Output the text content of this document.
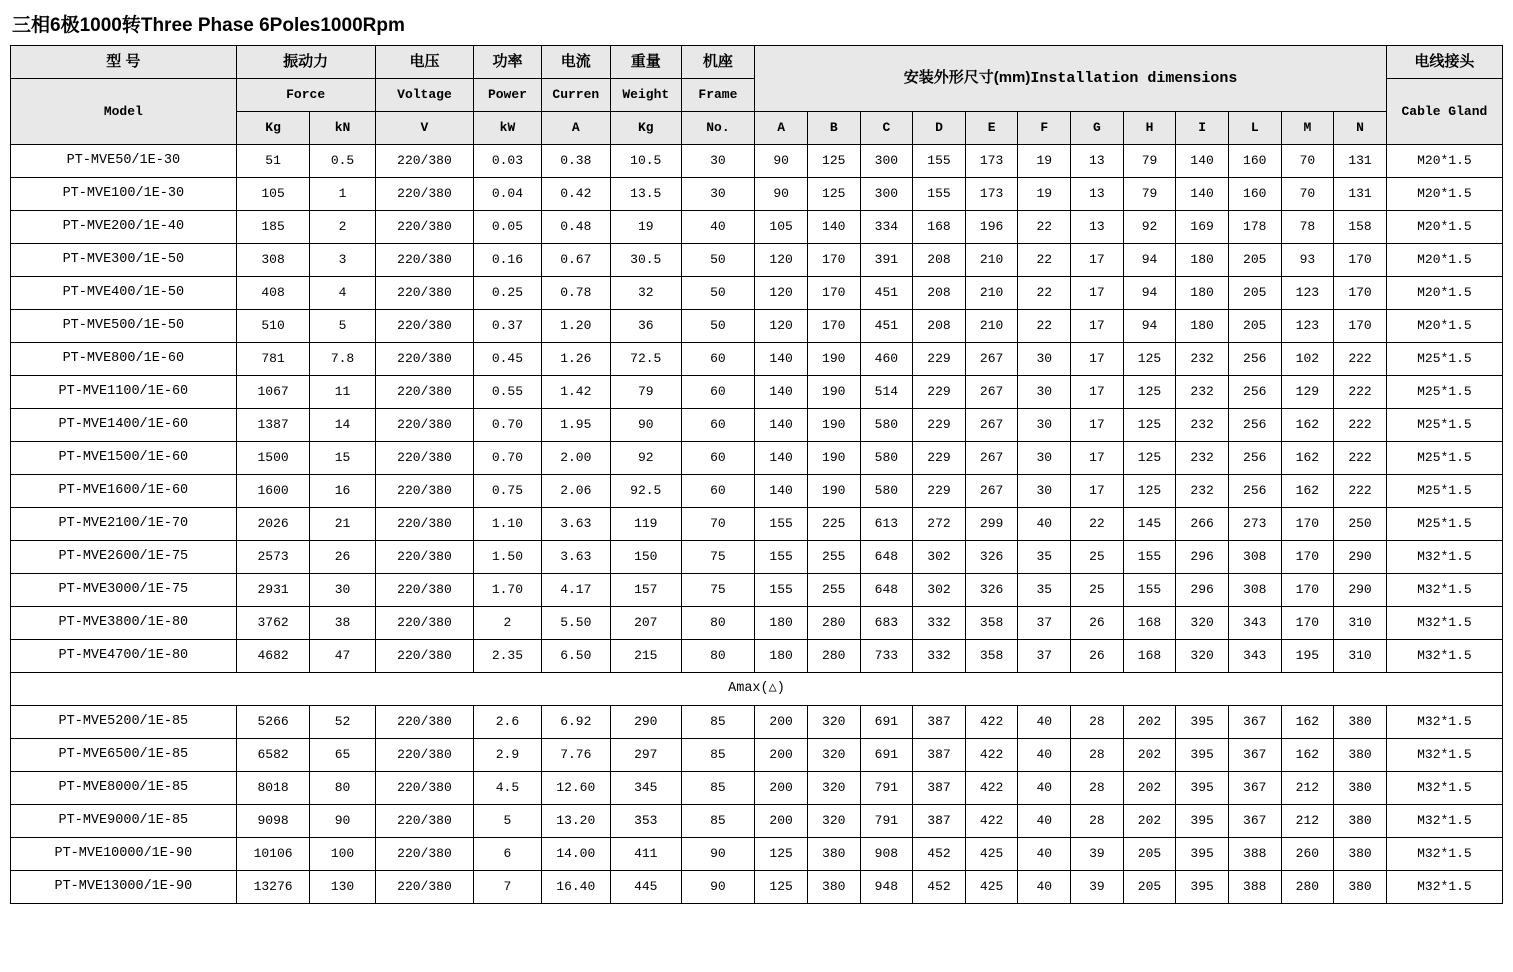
三相6极1000转Three Phase 6Poles1000Rpm
型 号	振动力		电压	功率	电流	重量	机座	安装外形尺寸(mm)Installation dimensions												电线接头
Model	Force		Voltage	Power	Curren	Weight	Frame													Cable Gland
	Kg	kN	V	kW	A	Kg	No.	A	B	C	D	E	F	G	H	I	L	M	N	
PT-MVE50/1E-30	51	0.5	220/380	0.03	0.38	10.5	30	90	125	300	155	173	19	13	79	140	160	70	131	M20*1.5
PT-MVE100/1E-30	105	1	220/380	0.04	0.42	13.5	30	90	125	300	155	173	19	13	79	140	160	70	131	M20*1.5
PT-MVE200/1E-40	185	2	220/380	0.05	0.48	19	40	105	140	334	168	196	22	13	92	169	178	78	158	M20*1.5
PT-MVE300/1E-50	308	3	220/380	0.16	0.67	30.5	50	120	170	391	208	210	22	17	94	180	205	93	170	M20*1.5
PT-MVE400/1E-50	408	4	220/380	0.25	0.78	32	50	120	170	451	208	210	22	17	94	180	205	123	170	M20*1.5
PT-MVE500/1E-50	510	5	220/380	0.37	1.20	36	50	120	170	451	208	210	22	17	94	180	205	123	170	M20*1.5
PT-MVE800/1E-60	781	7.8	220/380	0.45	1.26	72.5	60	140	190	460	229	267	30	17	125	232	256	102	222	M25*1.5
PT-MVE1100/1E-60	1067	11	220/380	0.55	1.42	79	60	140	190	514	229	267	30	17	125	232	256	129	222	M25*1.5
PT-MVE1400/1E-60	1387	14	220/380	0.70	1.95	90	60	140	190	580	229	267	30	17	125	232	256	162	222	M25*1.5
PT-MVE1500/1E-60	1500	15	220/380	0.70	2.00	92	60	140	190	580	229	267	30	17	125	232	256	162	222	M25*1.5
PT-MVE1600/1E-60	1600	16	220/380	0.75	2.06	92.5	60	140	190	580	229	267	30	17	125	232	256	162	222	M25*1.5
PT-MVE2100/1E-70	2026	21	220/380	1.10	3.63	119	70	155	225	613	272	299	40	22	145	266	273	170	250	M25*1.5
PT-MVE2600/1E-75	2573	26	220/380	1.50	3.63	150	75	155	255	648	302	326	35	25	155	296	308	170	290	M32*1.5
PT-MVE3000/1E-75	2931	30	220/380	1.70	4.17	157	75	155	255	648	302	326	35	25	155	296	308	170	290	M32*1.5
PT-MVE3800/1E-80	3762	38	220/380	2	5.50	207	80	180	280	683	332	358	37	26	168	320	343	170	310	M32*1.5
PT-MVE4700/1E-80	4682	47	220/380	2.35	6.50	215	80	180	280	733	332	358	37	26	168	320	343	195	310	M32*1.5
Amax(△)																				
PT-MVE5200/1E-85	5266	52	220/380	2.6	6.92	290	85	200	320	691	387	422	40	28	202	395	367	162	380	M32*1.5
PT-MVE6500/1E-85	6582	65	220/380	2.9	7.76	297	85	200	320	691	387	422	40	28	202	395	367	162	380	M32*1.5
PT-MVE8000/1E-85	8018	80	220/380	4.5	12.60	345	85	200	320	791	387	422	40	28	202	395	367	212	380	M32*1.5
PT-MVE9000/1E-85	9098	90	220/380	5	13.20	353	85	200	320	791	387	422	40	28	202	395	367	212	380	M32*1.5
PT-MVE10000/1E-90	10106	100	220/380	6	14.00	411	90	125	380	908	452	425	40	39	205	395	388	260	380	M32*1.5
PT-MVE13000/1E-90	13276	130	220/380	7	16.40	445	90	125	380	948	452	425	40	39	205	395	388	280	380	M32*1.5
